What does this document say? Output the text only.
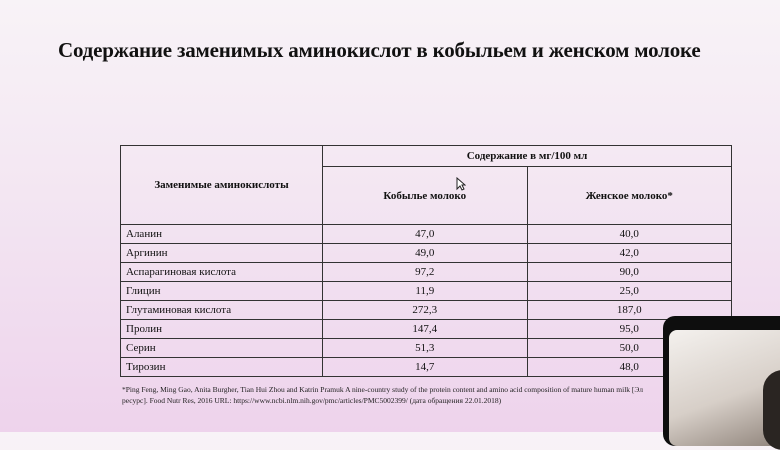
Содержание заменимых аминокислот в кобыльем и женском молоке
Заменимые аминокислоты	Содержание в мг/100 мл	
	Кобылье молоко	Женское молоко*
Аланин	47,0	40,0
Аргинин	49,0	42,0
Аспарагиновая кислота	97,2	90,0
Глицин	11,9	25,0
Глутаминовая кислота	272,3	187,0
Пролин	147,4	95,0
Серин	51,3	50,0
Тирозин	14,7	48,0
*Ping Feng, Ming Gao, Anita Burgher, Tian Hui Zhou and Katrin Pramuk A nine-country study of the protein content and amino acid composition of mature human milk [Эл
ресурс]. Food Nutr Res, 2016 URL: https://www.ncbi.nlm.nih.gov/pmc/articles/PMC5002399/ (дата обращения 22.01.2018)
